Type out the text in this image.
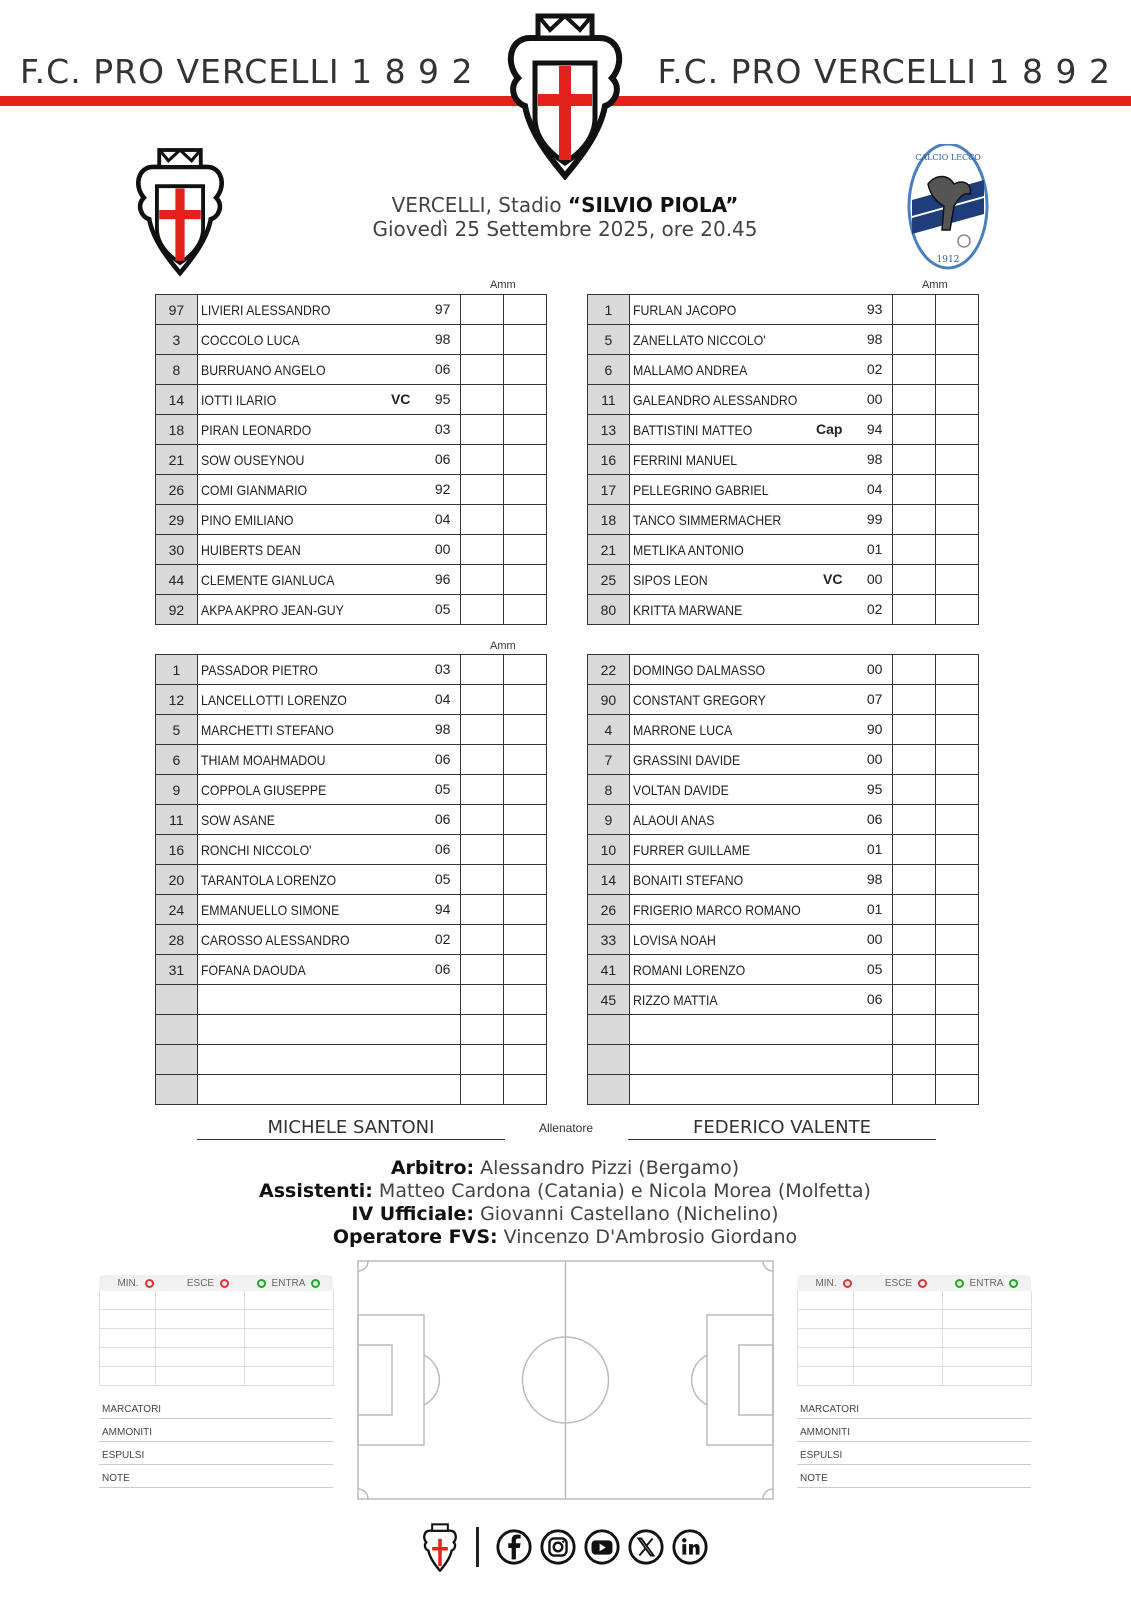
F.C. PRO VERCELLI 1 8 9 2	F.C. PRO VERCELLI 1 8 9 2
CALCIO LECCO
1912
VERCELLI, Stadio “SILVIO PIOLA”
Giovedì 25 Settembre 2025, ore 20.45
Amm	Amm
Amm
97	LIVIERI ALESSANDRO 97		

3	COCCOLO LUCA 98		

8	BURRUANO ANGELO 06		

14	IOTTI ILARIO VC 95		

18	PIRAN LEONARDO 03		

21	SOW OUSEYNOU 06		

26	COMI GIANMARIO 92		

29	PINO EMILIANO 04		

30	HUIBERTS DEAN 00		

44	CLEMENTE GIANLUCA 96		

92	AKPA AKPRO JEAN-GUY 05		

1	FURLAN JACOPO 93		

5	ZANELLATO NICCOLO' 98		

6	MALLAMO ANDREA 02		

11	GALEANDRO ALESSANDRO 00		

13	BATTISTINI MATTEO Cap 94		

16	FERRINI MANUEL 98		

17	PELLEGRINO GABRIEL 04		

18	TANCO SIMMERMACHER 99		

21	METLIKA ANTONIO 01		

25	SIPOS LEON VC 00		

80	KRITTA MARWANE 02		

1	PASSADOR PIETRO 03		

12	LANCELLOTTI LORENZO 04		

5	MARCHETTI STEFANO 98		

6	THIAM MOAHMADOU 06		

9	COPPOLA GIUSEPPE 05		

11	SOW ASANE 06		

16	RONCHI NICCOLO' 06		

20	TARANTOLA LORENZO 05		

24	EMMANUELLO SIMONE 94		

28	CAROSSO ALESSANDRO 02		

31	FOFANA DAOUDA 06		

22	DOMINGO DALMASSO 00		

90	CONSTANT GREGORY 07		

4	MARRONE LUCA 90		

7	GRASSINI DAVIDE 00		

8	VOLTAN DAVIDE 95		

9	ALAOUI ANAS 06		

10	FURRER GUILLAME 01		

14	BONAITI STEFANO 98		

26	FRIGERIO MARCO ROMANO 01		

33	LOVISA NOAH 00		

41	ROMANI LORENZO 05		

45	RIZZO MATTIA 06		

MICHELE SANTONI	Allenatore	FEDERICO VALENTE
Arbitro: Alessandro Pizzi (Bergamo)
Assistenti: Matteo Cardona (Catania) e Nicola Morea (Molfetta)
IV Ufficiale: Giovanni Castellano (Nichelino)
Operatore FVS: Vincenzo D'Ambrosio Giordano
MIN.	ESCE	ENTRA
MARCATORI
AMMONITI
ESPULSI
NOTE
MIN.	ESCE	ENTRA
MARCATORI
AMMONITI
ESPULSI
NOTE
